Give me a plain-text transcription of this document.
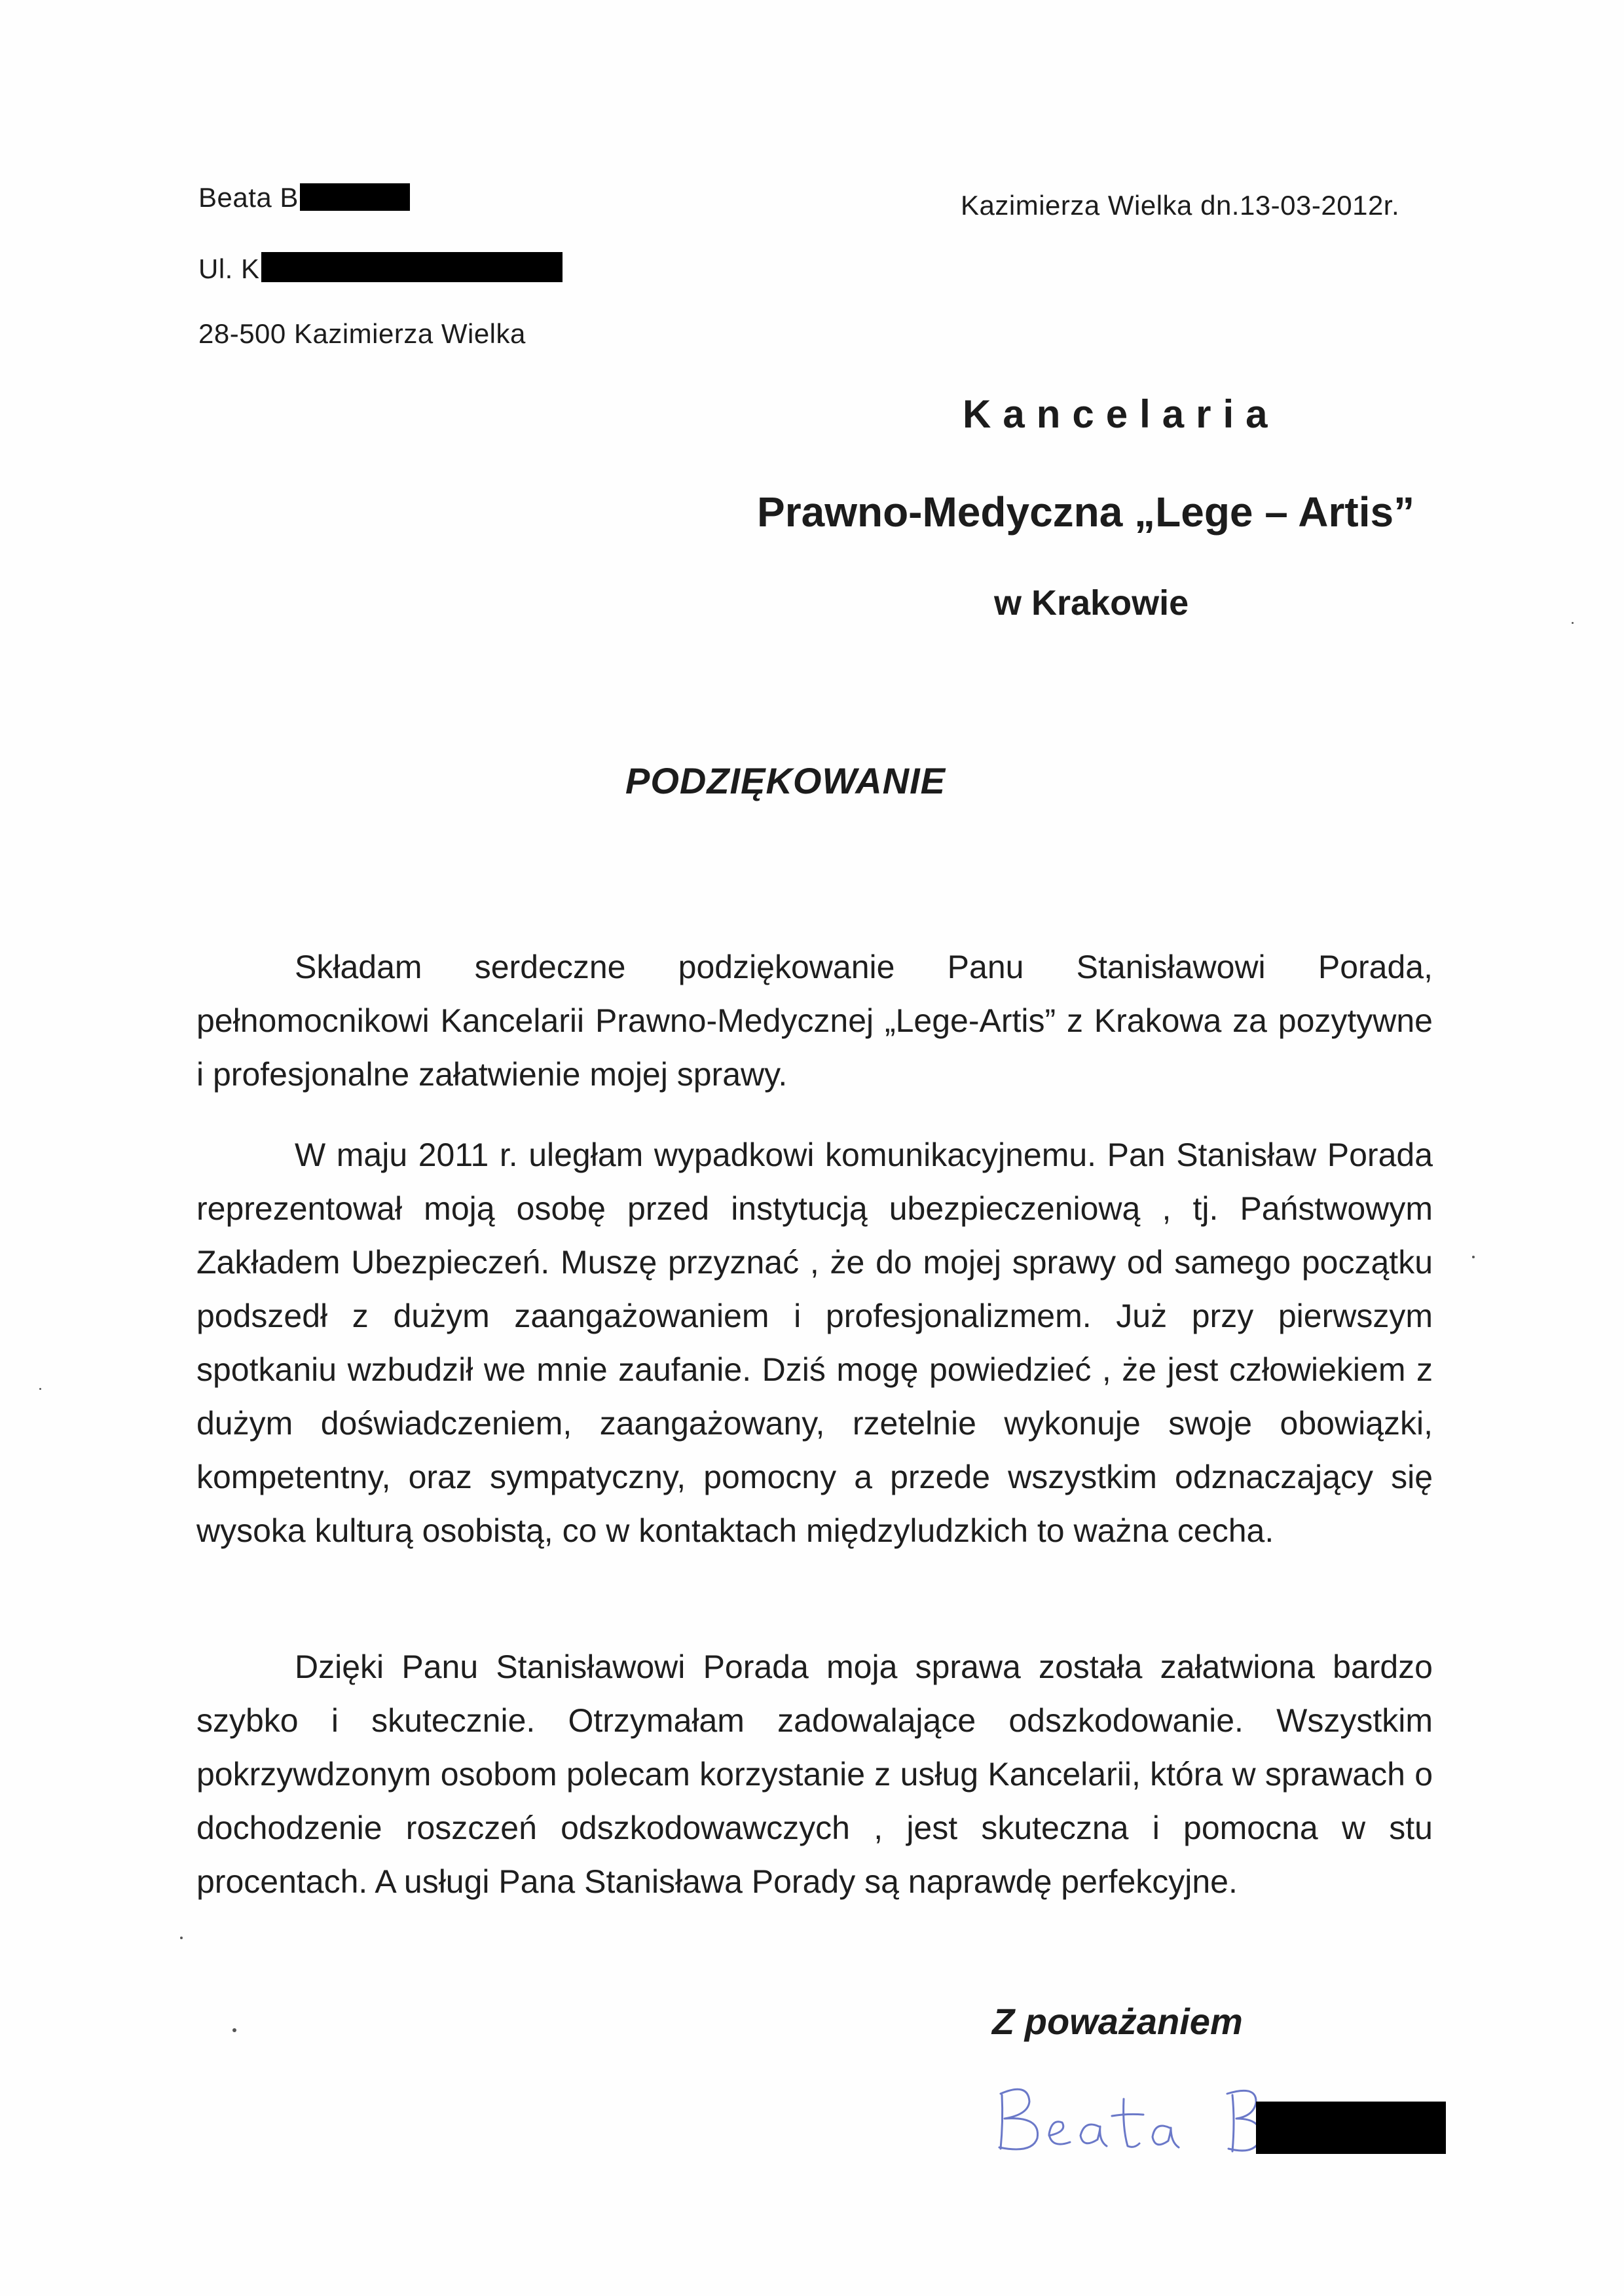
Beata B
Ul. K
28-500 Kazimierza Wielka
Kazimierza Wielka dn.13-03-2012r.
Kancelaria
Prawno-Medyczna „Lege – Artis”
w Krakowie
PODZIĘKOWANIE

Składam serdeczne podziękowanie Panu Stanisławowi Porada, pełnomocnikowi Kancelarii Prawno-Medycznej „Lege-Artis” z Krakowa za pozytywne i profesjonalne załatwienie mojej sprawy.

W maju 2011 r. uległam wypadkowi komunikacyjnemu. Pan Stanisław Porada reprezentował moją osobę przed instytucją ubezpieczeniową , tj. Państwowym Zakładem Ubezpieczeń. Muszę przyznać , że do mojej sprawy od samego początku podszedł z dużym zaangażowaniem i profesjonalizmem. Już przy pierwszym spotkaniu wzbudził we mnie zaufanie. Dziś mogę powiedzieć , że jest człowiekiem z dużym doświadczeniem, zaangażowany, rzetelnie wykonuje swoje obowiązki, kompetentny, oraz sympatyczny, pomocny a przede wszystkim odznaczający się wysoka kulturą osobistą, co w kontaktach międzyludzkich to ważna cecha.

Dzięki Panu Stanisławowi Porada moja sprawa została załatwiona bardzo szybko i skutecznie. Otrzymałam zadowalające odszkodowanie. Wszystkim pokrzywdzonym osobom polecam korzystanie z usług Kancelarii, która w sprawach o dochodzenie roszczeń odszkodowawczych , jest skuteczna i pomocna w stu procentach. A usługi Pana Stanisława Porady są naprawdę perfekcyjne.

Z poważaniem
